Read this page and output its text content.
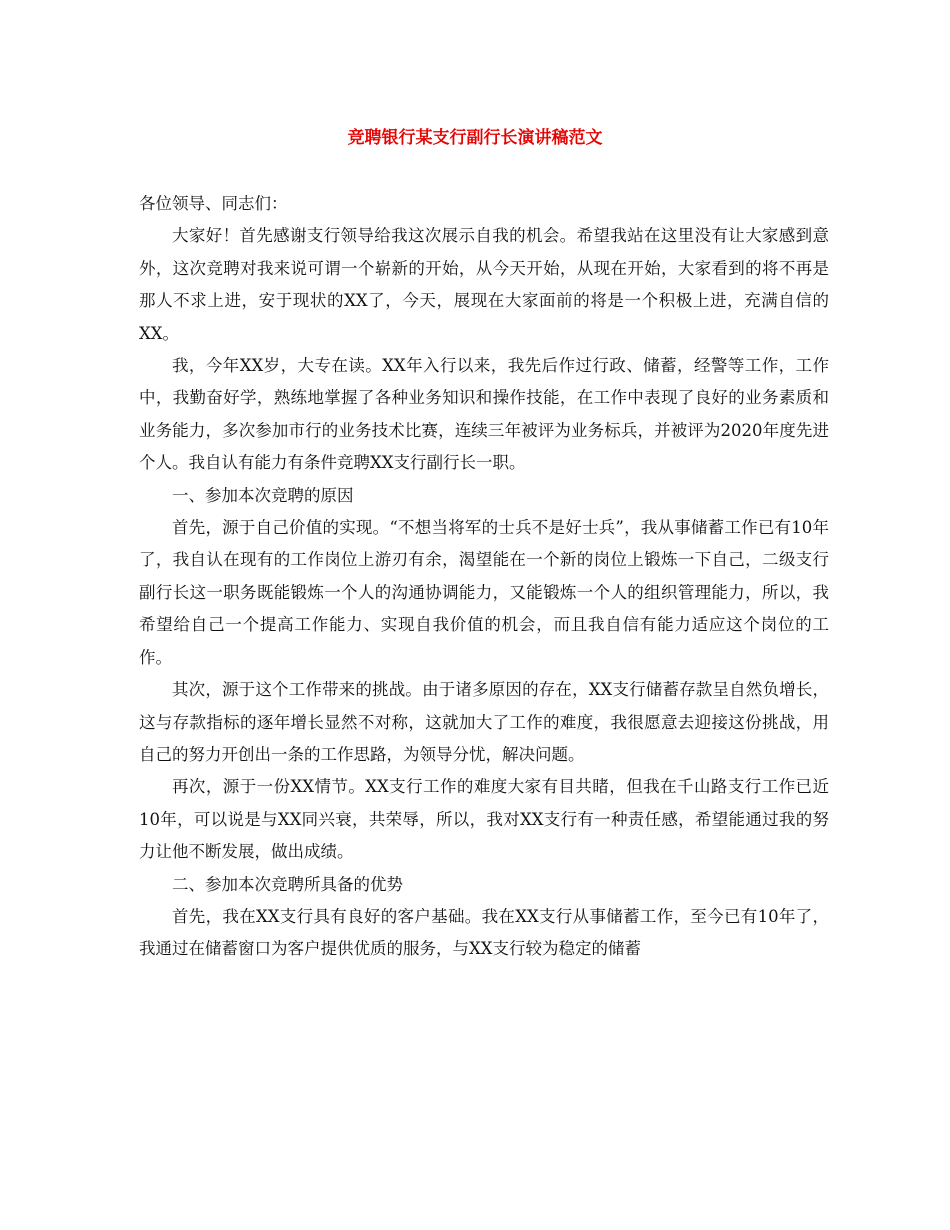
竞聘银行某支行副行长演讲稿范文

各位领导、同志们：

大家好！首先感谢支行领导给我这次展示自我的机会。希望我站在这里没有让大家感到意外，这次竞聘对我来说可谓一个崭新的开始，从今天开始，从现在开始，大家看到的将不再是那人不求上进，安于现状的XX了，今天，展现在大家面前的将是一个积极上进，充满自信的XX。

我，今年XX岁，大专在读。XX年入行以来，我先后作过行政、储蓄，经警等工作，工作中，我勤奋好学，熟练地掌握了各种业务知识和操作技能，在工作中表现了良好的业务素质和业务能力，多次参加市行的业务技术比赛，连续三年被评为业务标兵，并被评为2020年度先进个人。我自认有能力有条件竞聘XX支行副行长一职。

一、参加本次竞聘的原因

首先，源于自己价值的实现。“不想当将军的士兵不是好士兵”，我从事储蓄工作已有10年了，我自认在现有的工作岗位上游刃有余，渴望能在一个新的岗位上锻炼一下自己，二级支行副行长这一职务既能锻炼一个人的沟通协调能力，又能锻炼一个人的组织管理能力，所以，我希望给自己一个提高工作能力、实现自我价值的机会，而且我自信有能力适应这个岗位的工作。

其次，源于这个工作带来的挑战。由于诸多原因的存在，XX支行储蓄存款呈自然负增长，这与存款指标的逐年增长显然不对称，这就加大了工作的难度，我很愿意去迎接这份挑战，用自己的努力开创出一条的工作思路，为领导分忧，解决问题。

再次，源于一份XX情节。XX支行工作的难度大家有目共睹，但我在千山路支行工作已近10年，可以说是与XX同兴衰，共荣辱，所以，我对XX支行有一种责任感，希望能通过我的努力让他不断发展，做出成绩。

二、参加本次竞聘所具备的优势

首先，我在XX支行具有良好的客户基础。我在XX支行从事储蓄工作，至今已有10年了，我通过在储蓄窗口为客户提供优质的服务，与XX支行较为稳定的储蓄
